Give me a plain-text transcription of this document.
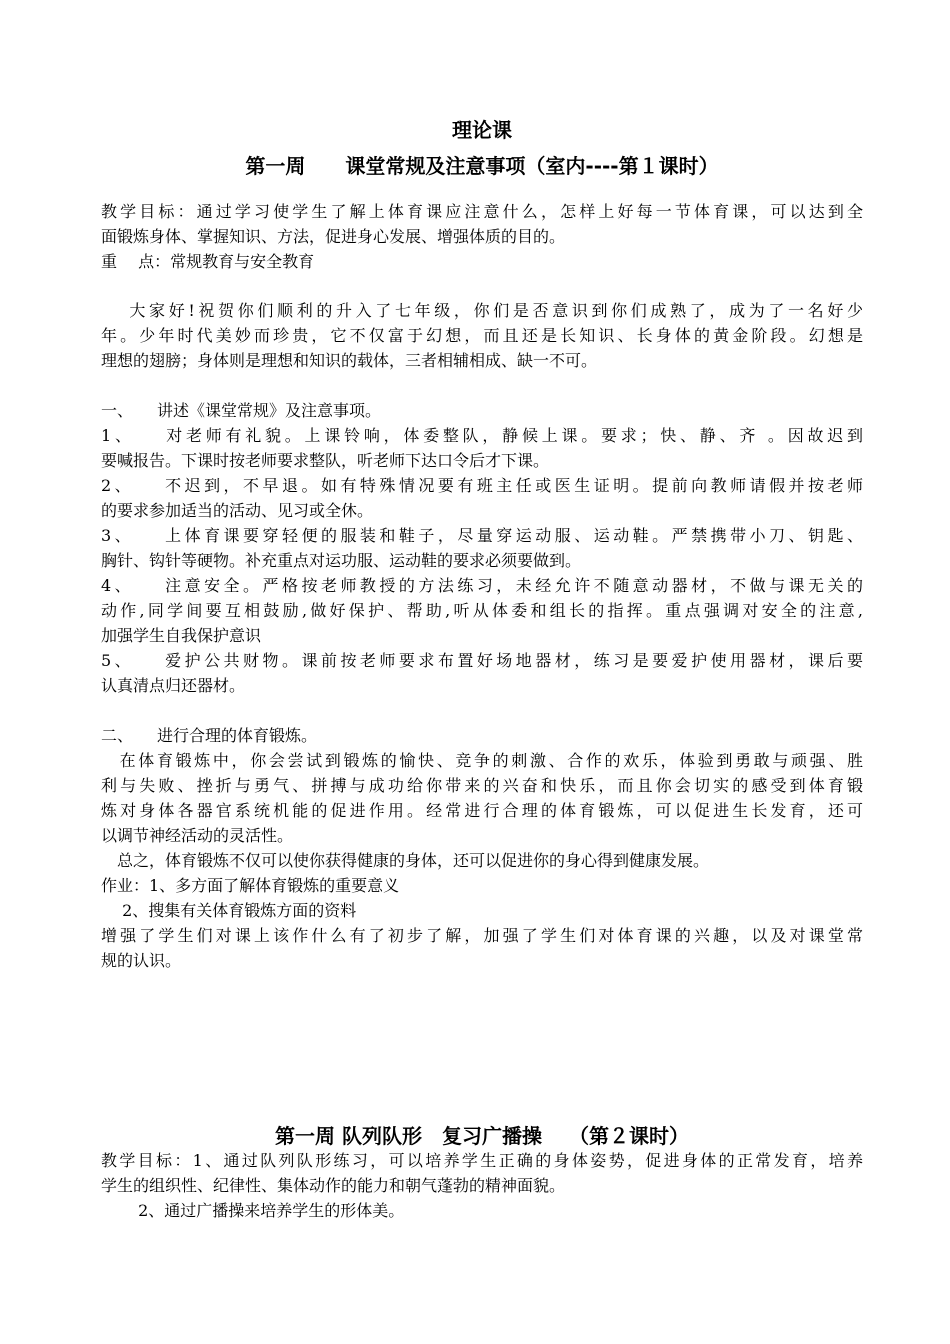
理论课
第一周　　课堂常规及注意事项（室内----第１课时）
教学目标：通过学习使学生了解上体育课应注意什么，怎样上好每一节体育课，可以达到全
面锻炼身体、掌握知识、方法，促进身心发展、增强体质的目的。
重　 点：常规教育与安全教育
　 大家好!祝贺你们顺利的升入了七年级，你们是否意识到你们成熟了，成为了一名好少
年。少年时代美妙而珍贵，它不仅富于幻想，而且还是长知识、长身体的黄金阶段。幻想是
理想的翅膀；身体则是理想和知识的载体，三者相辅相成、缺一不可。
一、　　讲述《课堂常规》及注意事项。
1、　　对老师有礼貌。上课铃响，体委整队，静候上课。要求；快、静、齐 。因故迟到
要喊报告。下课时按老师要求整队，听老师下达口令后才下课。
2、　　不迟到，不早退。如有特殊情况要有班主任或医生证明。提前向教师请假并按老师
的要求参加适当的活动、见习或全休。
3、　　上体育课要穿轻便的服装和鞋子，尽量穿运动服、运动鞋。严禁携带小刀、钥匙、
胸针、钩针等硬物。补充重点对运功服、运动鞋的要求必须要做到。
4、　　注意安全。严格按老师教授的方法练习，未经允许不随意动器材，不做与课无关的
动作,同学间要互相鼓励,做好保护、帮助,听从体委和组长的指挥。重点强调对安全的注意,
加强学生自我保护意识
5、　　爱护公共财物。课前按老师要求布置好场地器材，练习是要爱护使用器材，课后要
认真清点归还器材。
二、　　进行合理的体育锻炼。
　在体育锻炼中，你会尝试到锻炼的愉快、竞争的刺激、合作的欢乐，体验到勇敢与顽强、胜
利与失败、挫折与勇气、拼搏与成功给你带来的兴奋和快乐，而且你会切实的感受到体育锻
炼对身体各器官系统机能的促进作用。经常进行合理的体育锻炼，可以促进生长发育，还可
以调节神经活动的灵活性。
　总之，体育锻炼不仅可以使你获得健康的身体，还可以促进你的身心得到健康发展。
作业：1、多方面了解体育锻炼的重要意义
　 2、搜集有关体育锻炼方面的资料
增强了学生们对课上该作什么有了初步了解，加强了学生们对体育课的兴趣，以及对课堂常
规的认识。
第一周 队列队形　复习广播操　 （第２课时）
教学目标：1、通过队列队形练习，可以培养学生正确的身体姿势，促进身体的正常发育，培养
学生的组织性、纪律性、集体动作的能力和朝气蓬勃的精神面貌。
　　 2、通过广播操来培养学生的形体美。
